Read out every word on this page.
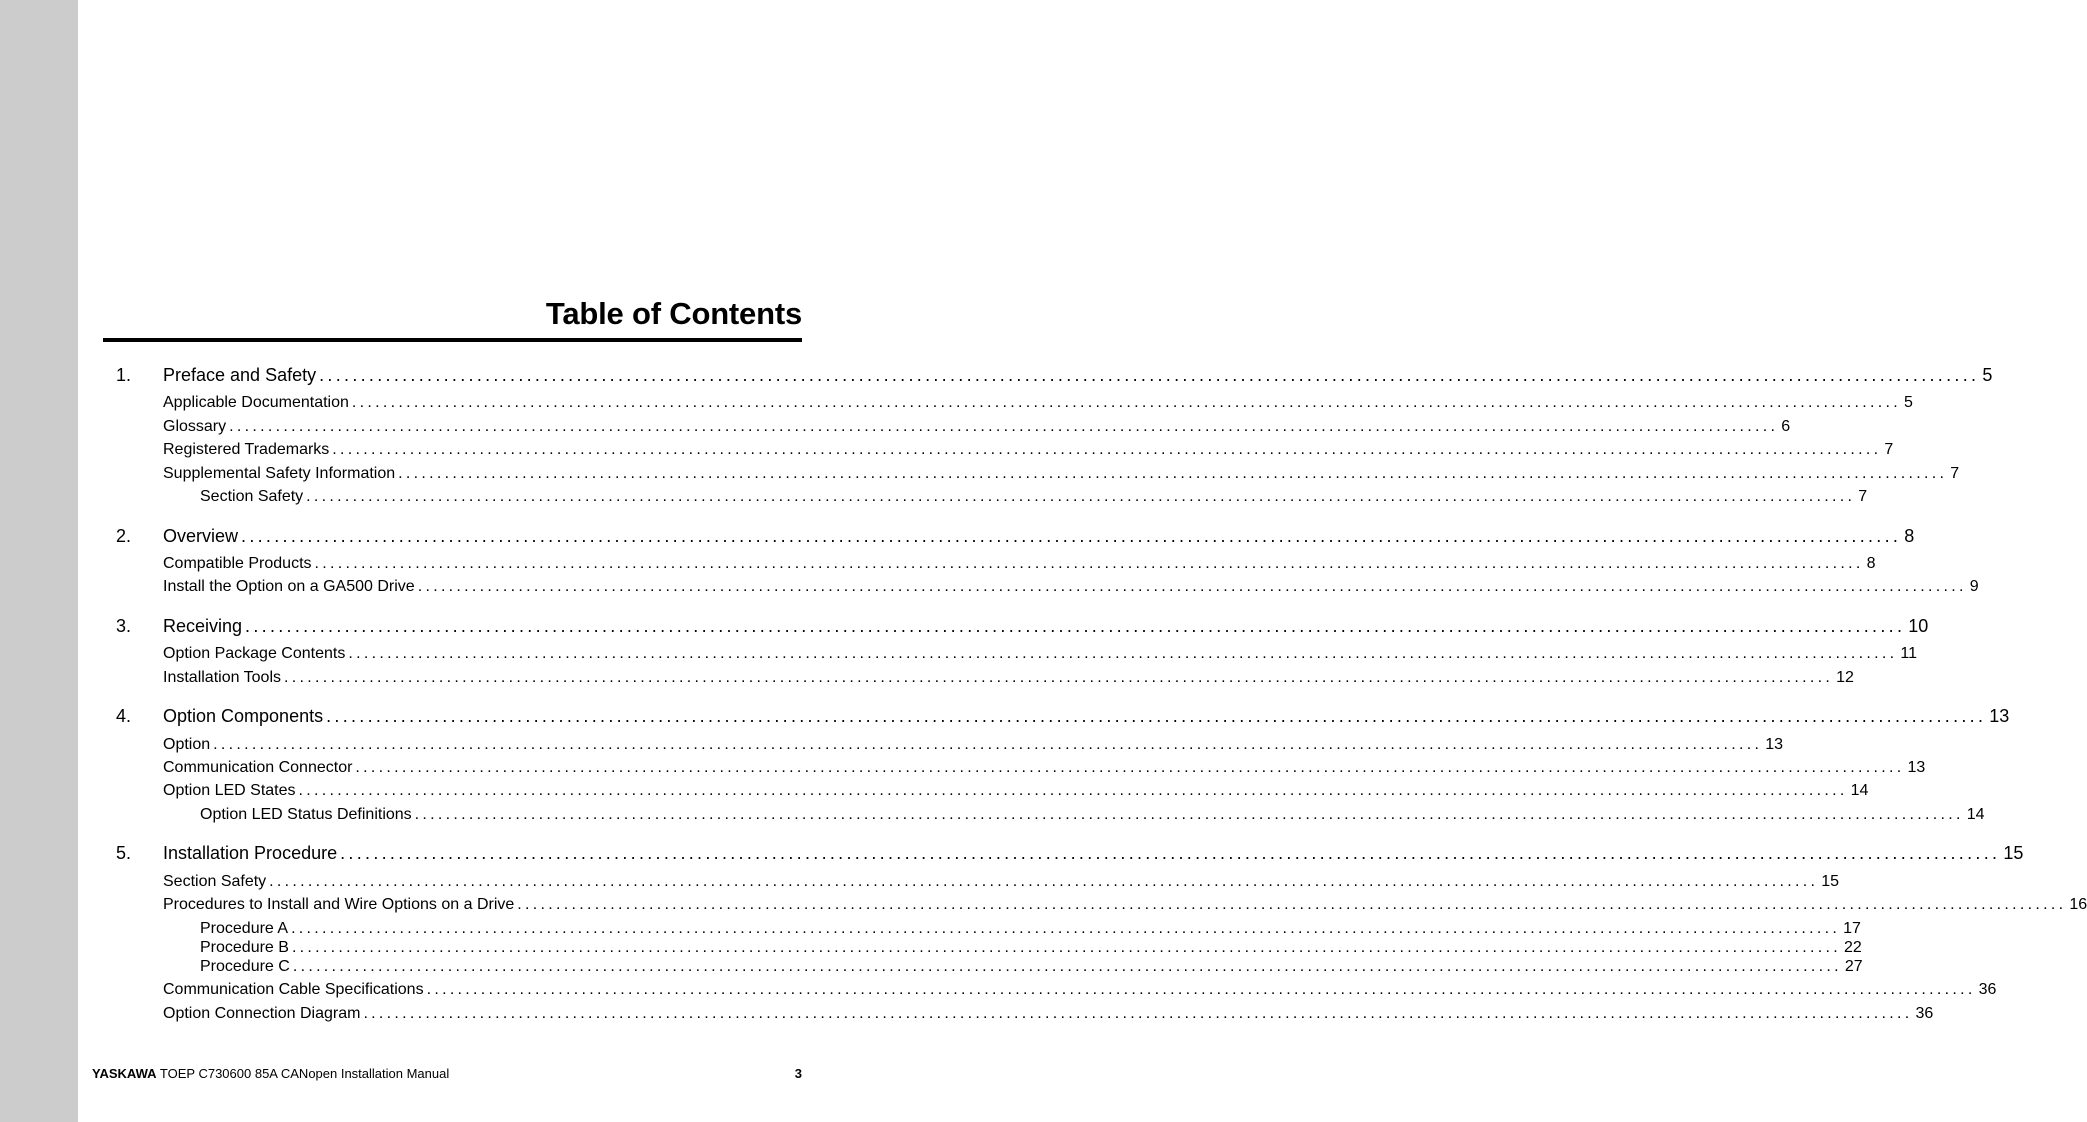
Table of Contents
1. Preface and Safety ........................................................................................................................................................................................................ 5
Applicable Documentation ........................................................................................................................................................................................................ 5
Glossary ........................................................................................................................................................................................................ 6
Registered Trademarks ........................................................................................................................................................................................................ 7
Supplemental Safety Information ........................................................................................................................................................................................................ 7
Section Safety ........................................................................................................................................................................................................ 7
2. Overview ........................................................................................................................................................................................................ 8
Compatible Products ........................................................................................................................................................................................................ 8
Install the Option on a GA500 Drive ........................................................................................................................................................................................................ 9
3. Receiving ........................................................................................................................................................................................................ 10
Option Package Contents ........................................................................................................................................................................................................ 11
Installation Tools ........................................................................................................................................................................................................ 12
4. Option Components ........................................................................................................................................................................................................ 13
Option ........................................................................................................................................................................................................ 13
Communication Connector ........................................................................................................................................................................................................ 13
Option LED States ........................................................................................................................................................................................................ 14
Option LED Status Definitions ........................................................................................................................................................................................................ 14
5. Installation Procedure ........................................................................................................................................................................................................ 15
Section Safety ........................................................................................................................................................................................................ 15
Procedures to Install and Wire Options on a Drive ........................................................................................................................................................................................................ 16
Procedure A ........................................................................................................................................................................................................ 17
Procedure B ........................................................................................................................................................................................................ 22
Procedure C ........................................................................................................................................................................................................ 27
Communication Cable Specifications ........................................................................................................................................................................................................ 36
Option Connection Diagram ........................................................................................................................................................................................................ 36
YASKAWA TOEP C730600 85A CANopen Installation Manual	3
